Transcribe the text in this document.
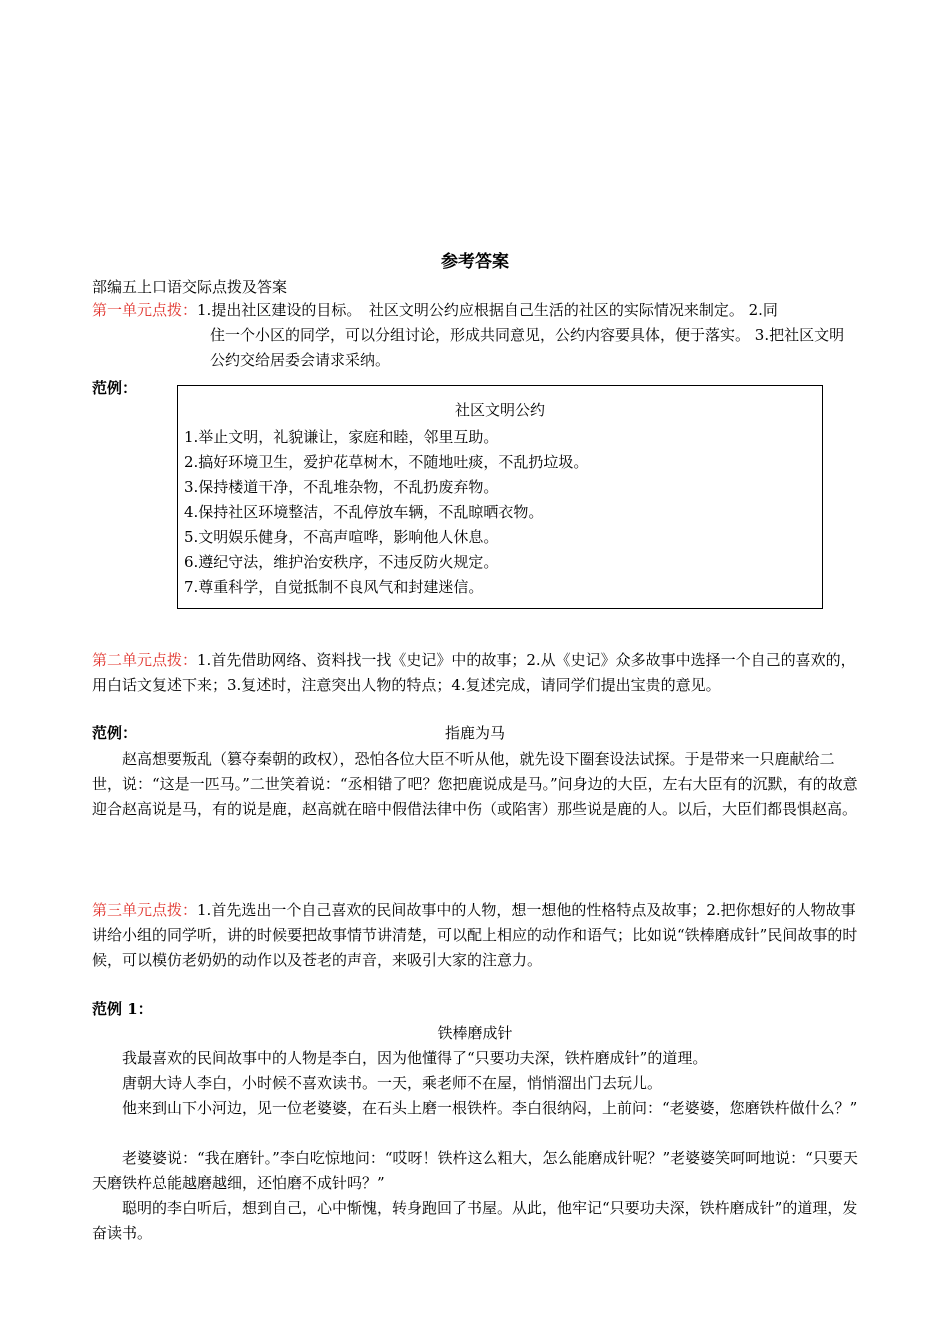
参考答案
部编五上口语交际点拨及答案
第一单元点拨：1.提出社区建设的目标。　社区文明公约应根据自己生活的社区的实际情况来制定。 2.同
住一个小区的同学，可以分组讨论，形成共同意见，公约内容要具体，便于落实。 3.把社区文明公约交给居委会请求采纳。
范例：
社区文明公约
1.举止文明，礼貌谦让，家庭和睦，邻里互助。
2.搞好环境卫生，爱护花草树木，不随地吐痰，不乱扔垃圾。
3.保持楼道干净，不乱堆杂物，不乱扔废弃物。
4.保持社区环境整洁，不乱停放车辆，不乱晾晒衣物。
5.文明娱乐健身，不高声喧哗，影响他人休息。
6.遵纪守法，维护治安秩序，不违反防火规定。
7.尊重科学，自觉抵制不良风气和封建迷信。
第二单元点拨：1.首先借助网络、资料找一找《史记》中的故事；2.从《史记》众多故事中选择一个自己的喜欢的，用白话文复述下来；3.复述时，注意突出人物的特点；4.复述完成，请同学们提出宝贵的意见。
范例：	指鹿为马
赵高想要叛乱（篡夺秦朝的政权），恐怕各位大臣不听从他，就先设下圈套设法试探。于是带来一只鹿献给二世，说：“这是一匹马。”二世笑着说：“丞相错了吧？您把鹿说成是马。”问身边的大臣，左右大臣有的沉默，有的故意迎合赵高说是马，有的说是鹿，赵高就在暗中假借法律中伤（或陷害）那些说是鹿的人。以后，大臣们都畏惧赵高。
第三单元点拨：1.首先选出一个自己喜欢的民间故事中的人物，想一想他的性格特点及故事；2.把你想好的人物故事讲给小组的同学听，讲的时候要把故事情节讲清楚，可以配上相应的动作和语气；比如说“铁棒磨成针”民间故事的时候，可以模仿老奶奶的动作以及苍老的声音，来吸引大家的注意力。
范例 1：
铁棒磨成针
我最喜欢的民间故事中的人物是李白，因为他懂得了“只要功夫深，铁杵磨成针”的道理。
唐朝大诗人李白，小时候不喜欢读书。一天，乘老师不在屋，悄悄溜出门去玩儿。
他来到山下小河边，见一位老婆婆，在石头上磨一根铁杵。李白很纳闷，上前问：“老婆婆，您磨铁杵做什么？”
老婆婆说：“我在磨针。”李白吃惊地问：“哎呀！铁杵这么粗大，怎么能磨成针呢？”老婆婆笑呵呵地说：“只要天天磨铁杵总能越磨越细，还怕磨不成针吗？”
聪明的李白听后，想到自己，心中惭愧，转身跑回了书屋。从此，他牢记“只要功夫深，铁杵磨成针”的道理，发奋读书。
